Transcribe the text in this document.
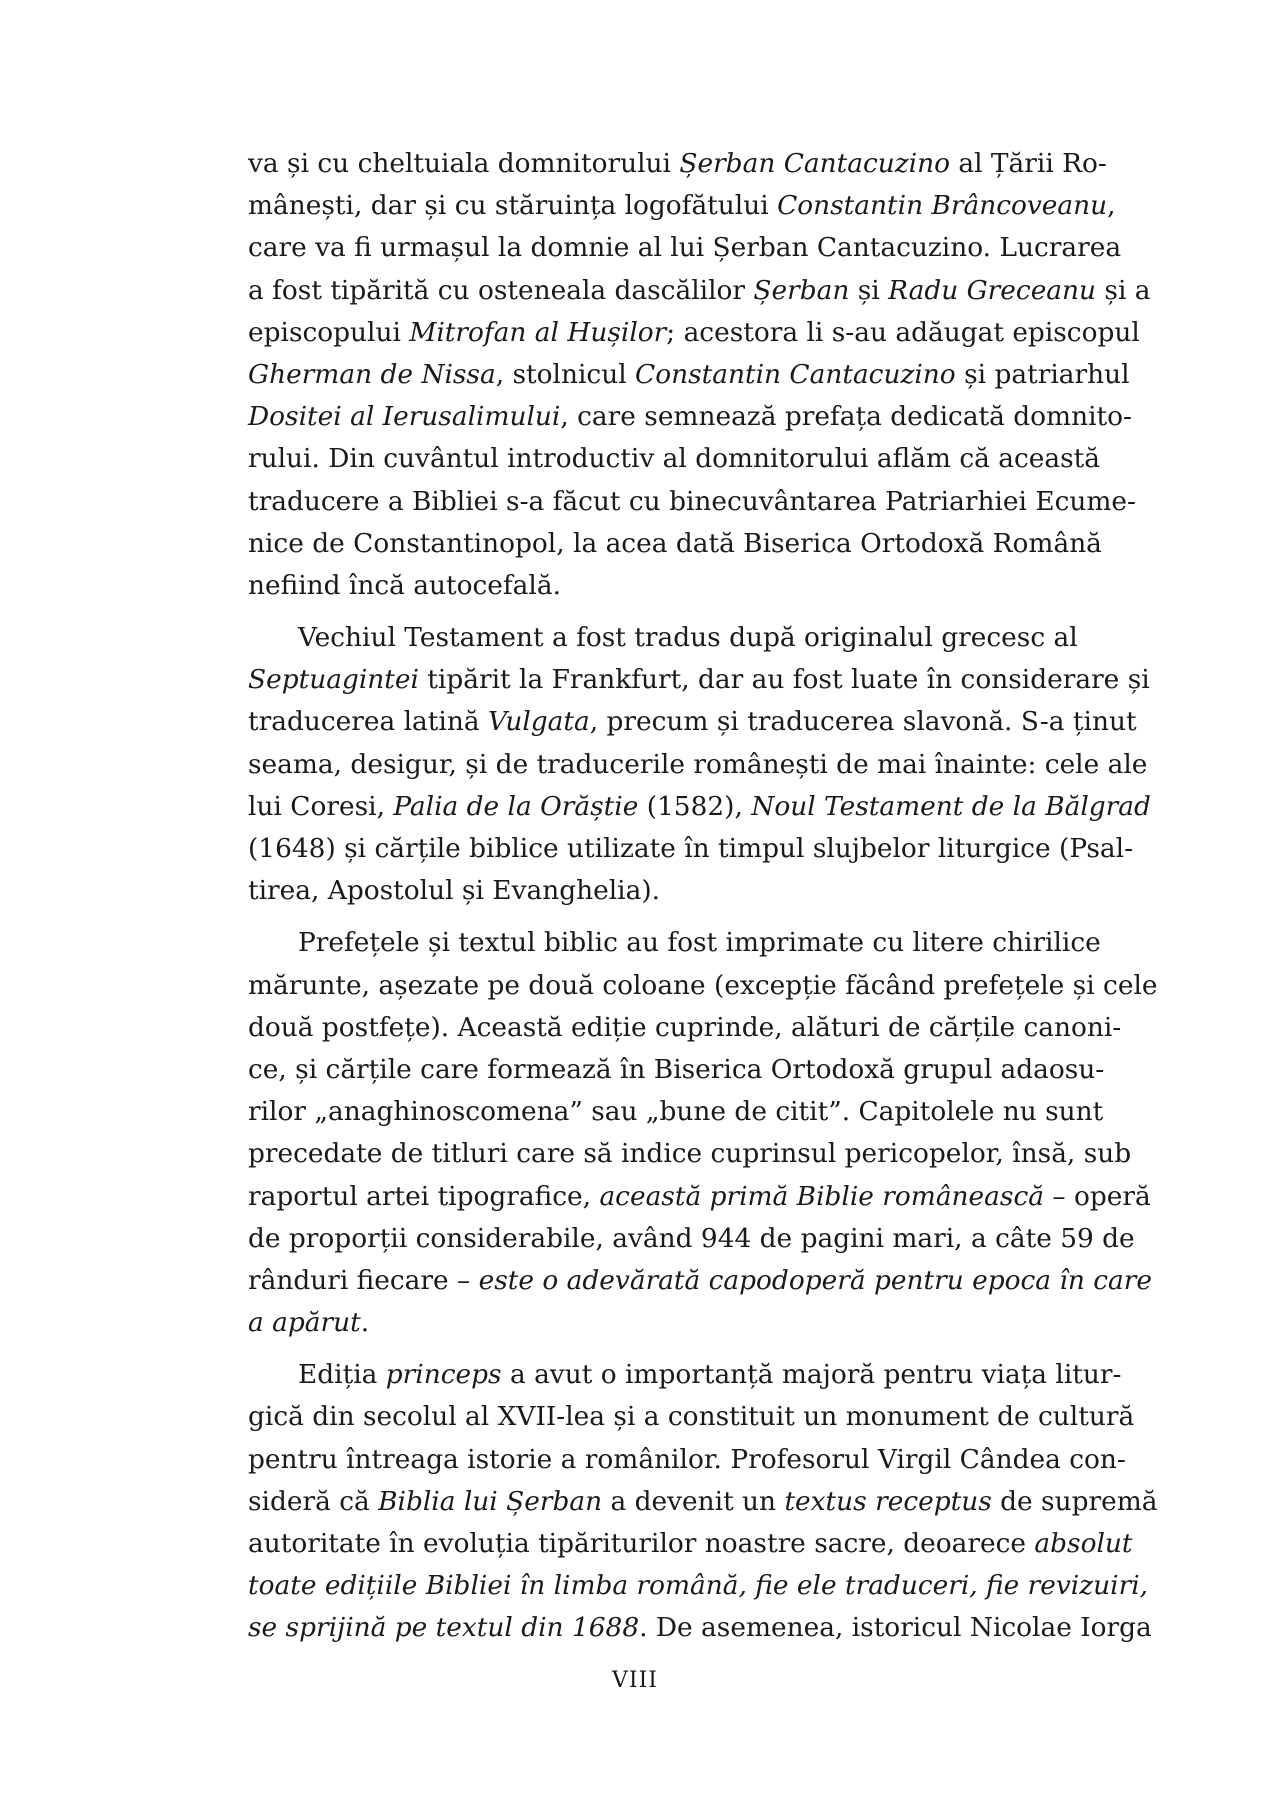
va și cu cheltuiala domnitorului Șerban Cantacuzino al Țării Ro-
mânești, dar și cu stăruința logofătului Constantin Brâncoveanu,
care va fi urmașul la domnie al lui Șerban Cantacuzino. Lucrarea
a fost tipărită cu osteneala dascălilor Șerban și Radu Greceanu și a
episcopului Mitrofan al Hușilor; acestora li s-au adăugat episcopul
Gherman de Nissa, stolnicul Constantin Cantacuzino și patriarhul
Dositei al Ierusalimului, care semnează prefața dedicată domnito-
rului. Din cuvântul introductiv al domnitorului aflăm că această
traducere a Bibliei s-a făcut cu binecuvântarea Patriarhiei Ecume-
nice de Constantinopol, la acea dată Biserica Ortodoxă Română
nefiind încă autocefală.
Vechiul Testament a fost tradus după originalul grecesc al
Septuagintei tipărit la Frankfurt, dar au fost luate în considerare și
traducerea latină Vulgata, precum și traducerea slavonă. S-a ținut
seama, desigur, și de traducerile românești de mai înainte: cele ale
lui Coresi, Palia de la Orăștie (1582), Noul Testament de la Bălgrad
(1648) și cărțile biblice utilizate în timpul slujbelor liturgice (Psal-
tirea, Apostolul și Evanghelia).
Prefețele și textul biblic au fost imprimate cu litere chirilice
mărunte, așezate pe două coloane (excepție făcând prefețele și cele
două postfețe). Această ediție cuprinde, alături de cărțile canoni-
ce, și cărțile care formează în Biserica Ortodoxă grupul adaosu-
rilor „anaghinoscomena” sau „bune de citit”. Capitolele nu sunt
precedate de titluri care să indice cuprinsul pericopelor, însă, sub
raportul artei tipografice, această primă Biblie românească – operă
de proporții considerabile, având 944 de pagini mari, a câte 59 de
rânduri fiecare – este o adevărată capodoperă pentru epoca în care
a apărut.
Ediția princeps a avut o importanță majoră pentru viața litur-
gică din secolul al XVII-lea și a constituit un monument de cultură
pentru întreaga istorie a românilor. Profesorul Virgil Cândea con-
sideră că Biblia lui Șerban a devenit un textus receptus de supremă
autoritate în evoluția tipăriturilor noastre sacre, deoarece absolut
toate edițiile Bibliei în limba română, fie ele traduceri, fie revizuiri,
se sprijină pe textul din 1688. De asemenea, istoricul Nicolae Iorga
VIII
